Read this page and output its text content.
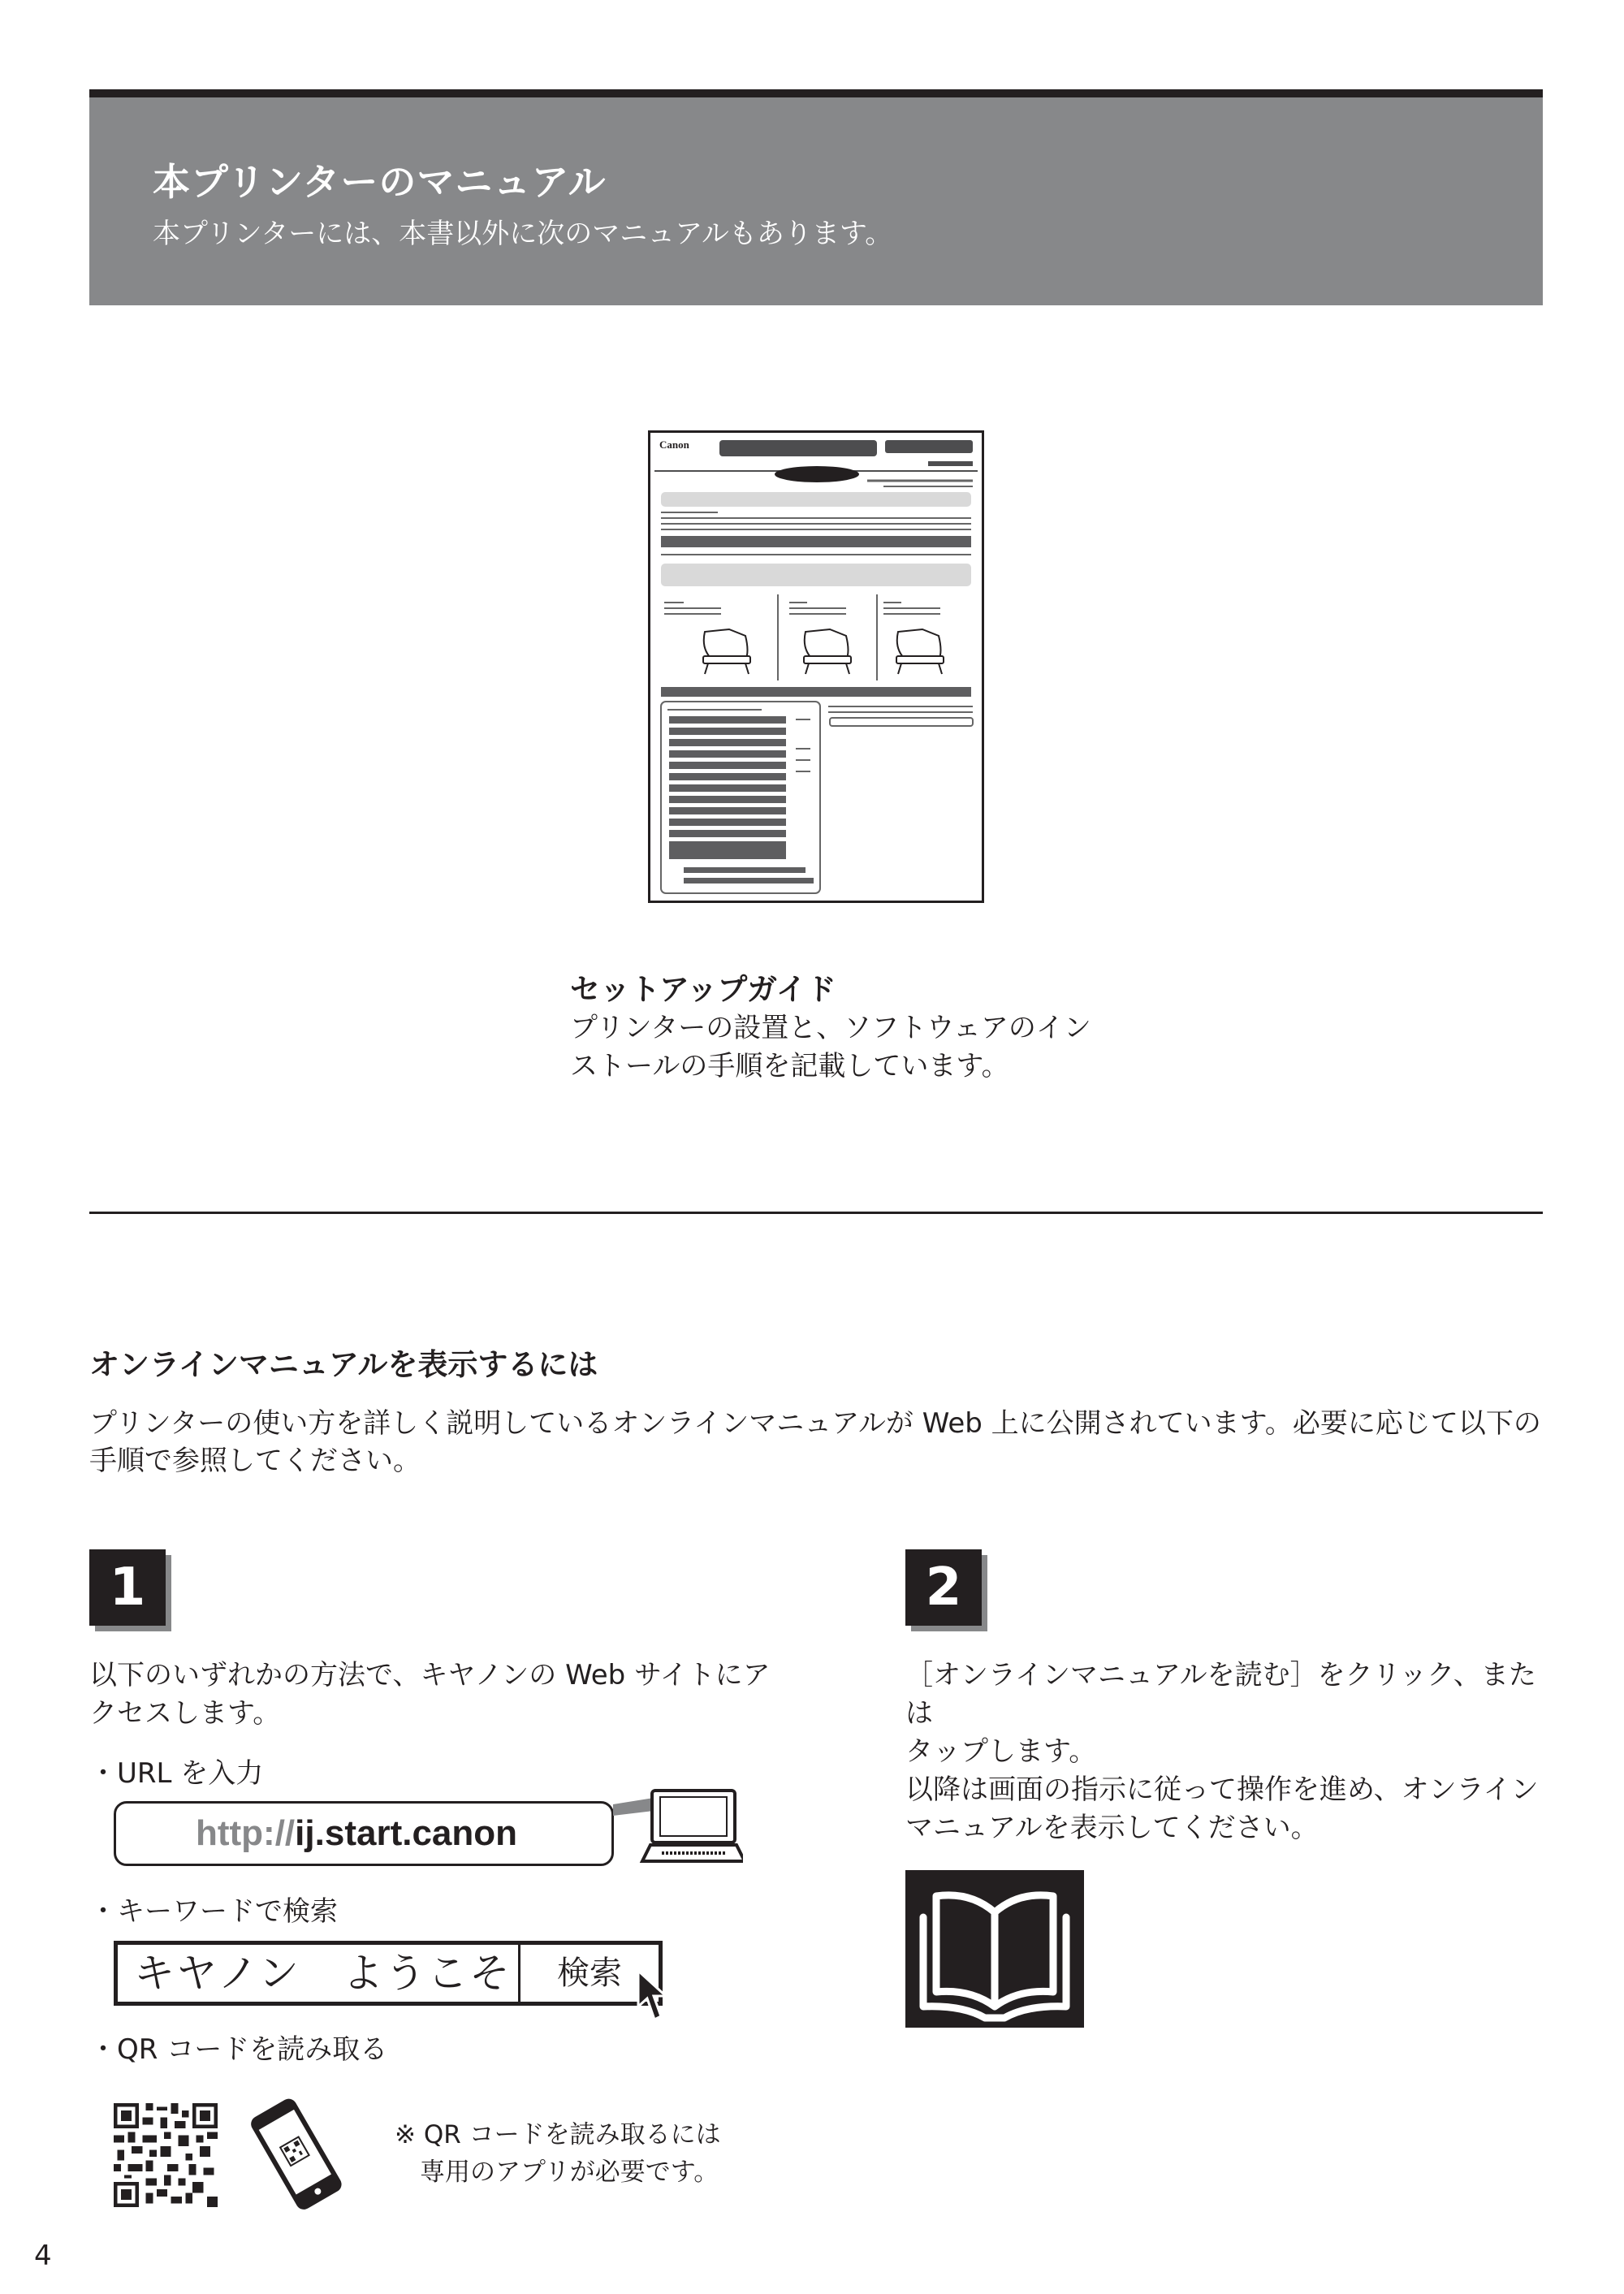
本プリンターのマニュアル
本プリンターには、本書以外に次のマニュアルもあります。
Canon
セットアップガイド
プリンターの設置と、ソフトウェアのイン
ストールの手順を記載しています。
オンラインマニュアルを表示するには
プリンターの使い方を詳しく説明しているオンラインマニュアルが Web 上に公開されています。必要に応じて以下の手順で参照してください。
1
以下のいずれかの方法で、キヤノンの Web サイトにアクセスします。
・URL を入力
http://ij.start.canon
・キーワードで検索
キヤノン　ようこそ	検索
・QR コードを読み取る
※ QR コードを読み取るには
　専用のアプリが必要です。
2
［オンラインマニュアルを読む］をクリック、または
タップします。
以降は画面の指示に従って操作を進め、オンライン
マニュアルを表示してください。
4
